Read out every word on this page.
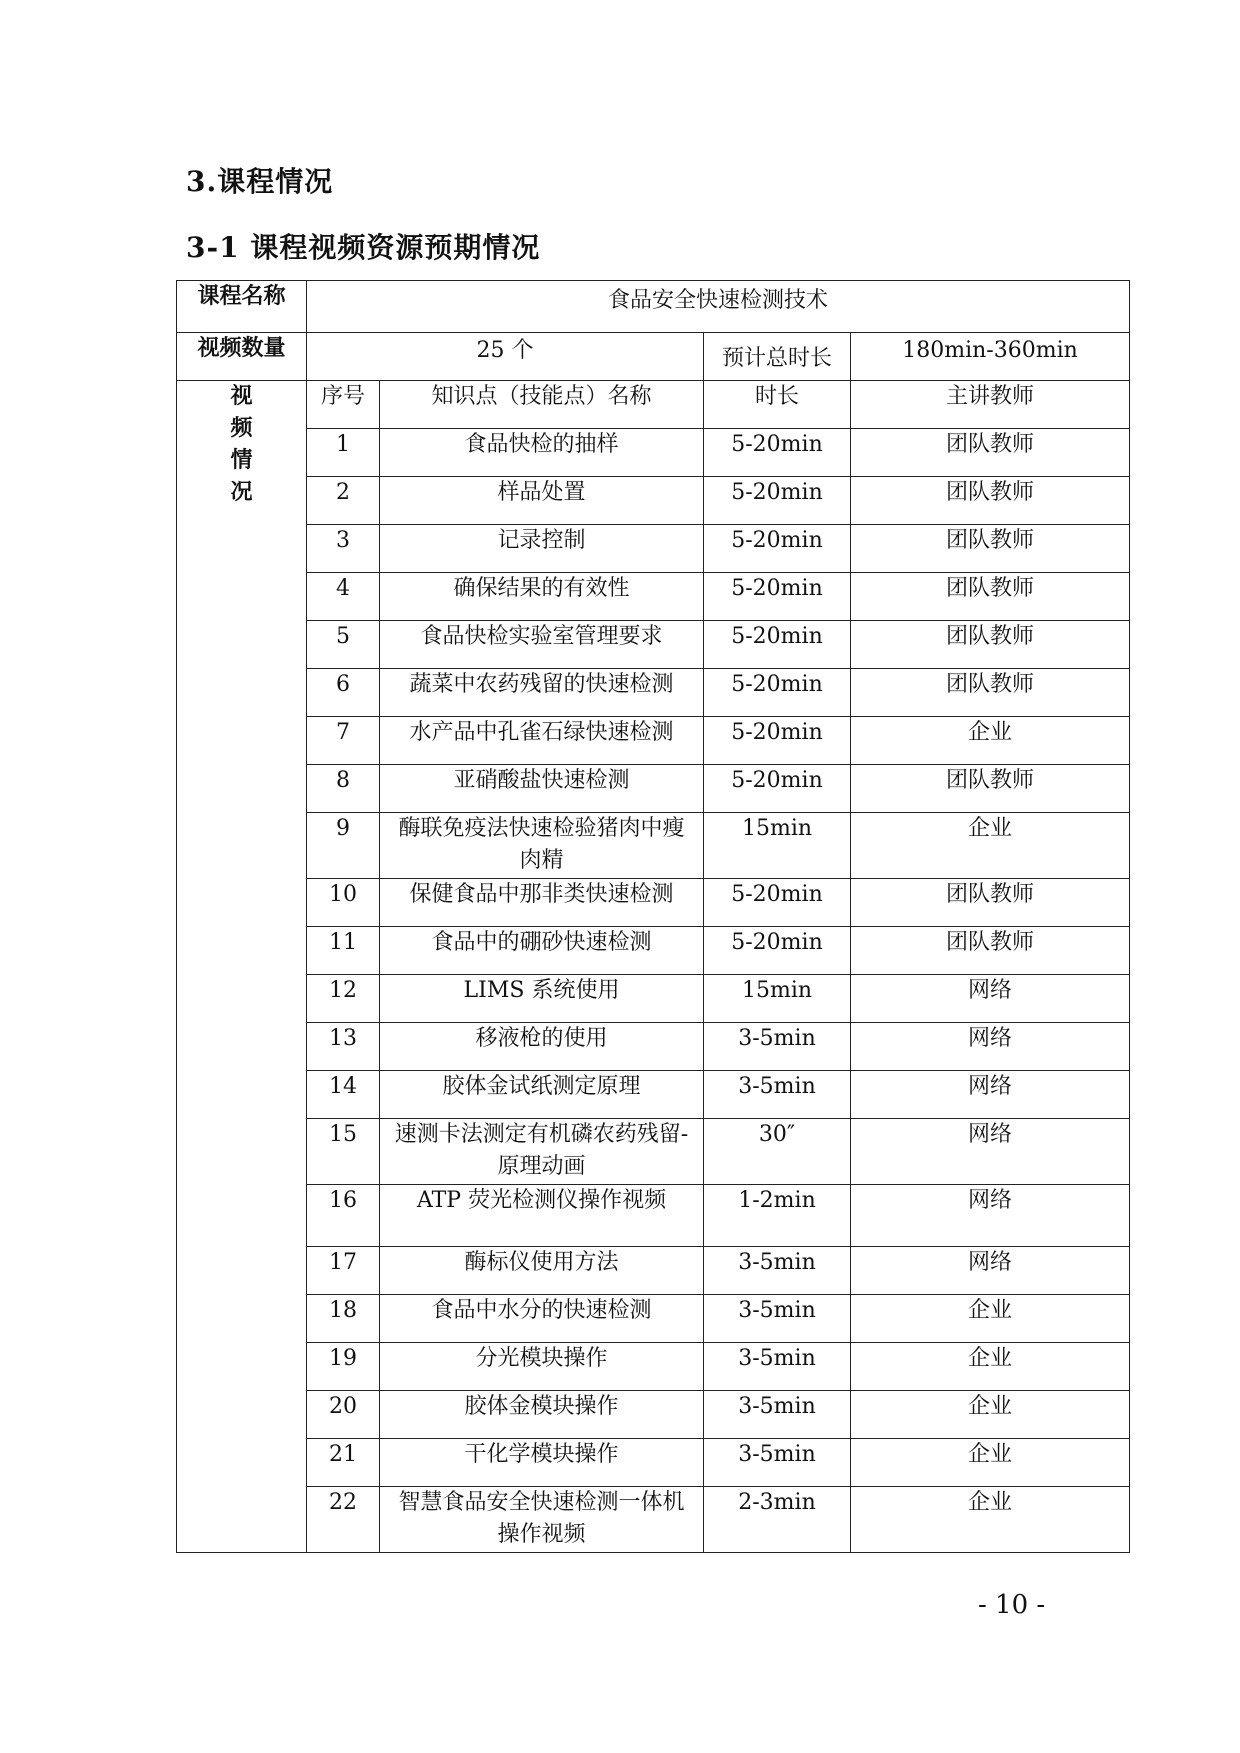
3.课程情况
3-1 课程视频资源预期情况
课程名称	食品安全快速检测技术			
视频数量	25 个		预计总时长	180min-360min

视
频
情
况	序号	知识点（技能点）名称	时长	主讲教师
	1	食品快检的抽样	5-20min	团队教师
	2	样品处置	5-20min	团队教师
	3	记录控制	5-20min	团队教师
	4	确保结果的有效性	5-20min	团队教师
	5	食品快检实验室管理要求	5-20min	团队教师
	6	蔬菜中农药残留的快速检测	5-20min	团队教师
	7	水产品中孔雀石绿快速检测	5-20min	企业
	8	亚硝酸盐快速检测	5-20min	团队教师
	9	酶联免疫法快速检验猪肉中瘦肉精	15min	企业
	10	保健食品中那非类快速检测	5-20min	团队教师
	11	食品中的硼砂快速检测	5-20min	团队教师
	12	LIMS 系统使用	15min	网络
	13	移液枪的使用	3-5min	网络
	14	胶体金试纸测定原理	3-5min	网络
	15	速测卡法测定有机磷农药残留-原理动画	30″	网络
	16	ATP 荧光检测仪操作视频	1-2min	网络
	17	酶标仪使用方法	3-5min	网络
	18	食品中水分的快速检测	3-5min	企业
	19	分光模块操作	3-5min	企业
	20	胶体金模块操作	3-5min	企业
	21	干化学模块操作	3-5min	企业
	22	智慧食品安全快速检测一体机操作视频	2-3min	企业
- 10 -
